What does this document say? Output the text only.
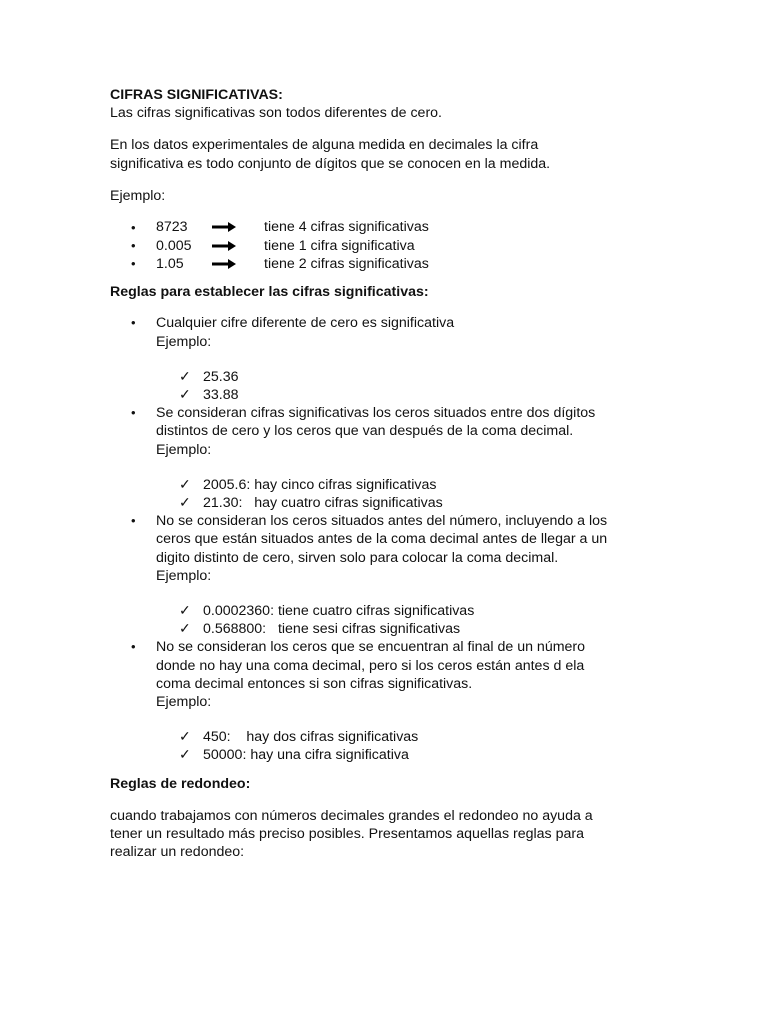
CIFRAS SIGNIFICATIVAS:
Las cifras significativas son todos diferentes de cero.
En los datos experimentales de alguna medida en decimales la cifra
significativa es todo conjunto de dígitos que se conocen en la medida.
Ejemplo:
•	8723	tiene 4 cifras significativas
•	0.005	tiene 1 cifra significativa
•	1.05	tiene 2 cifras significativas
Reglas para establecer las cifras significativas:
•	Cualquier cifre diferente de cero es significativa
Ejemplo:
✓ 25.36
✓ 33.88
•	Se consideran cifras significativas los ceros situados entre dos dígitos
distintos de cero y los ceros que van después de la coma decimal.
Ejemplo:
✓ 2005.6: hay cinco cifras significativas
✓ 21.30:   hay cuatro cifras significativas
•	No se consideran los ceros situados antes del número, incluyendo a los
ceros que están situados antes de la coma decimal antes de llegar a un
digito distinto de cero, sirven solo para colocar la coma decimal.
Ejemplo:
✓ 0.0002360: tiene cuatro cifras significativas
✓ 0.568800:   tiene sesi cifras significativas
•	No se consideran los ceros que se encuentran al final de un número
donde no hay una coma decimal, pero si los ceros están antes d ela
coma decimal entonces si son cifras significativas.
Ejemplo:
✓ 450:    hay dos cifras significativas
✓ 50000: hay una cifra significativa
Reglas de redondeo:
cuando trabajamos con números decimales grandes el redondeo no ayuda a
tener un resultado más preciso posibles. Presentamos aquellas reglas para
realizar un redondeo:
